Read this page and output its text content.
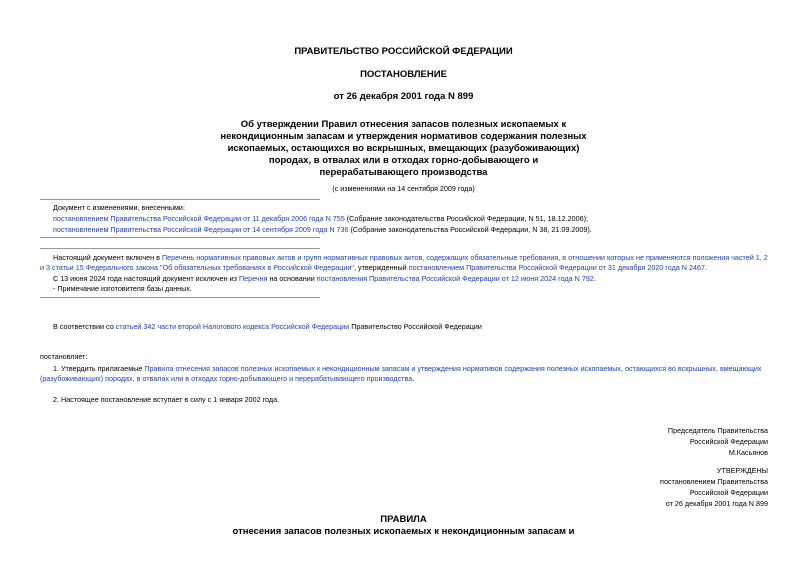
ПРАВИТЕЛЬСТВО РОССИЙСКОЙ ФЕДЕРАЦИИ
ПОСТАНОВЛЕНИЕ
от 26 декабря 2001 года N 899
Об утверждении Правил отнесения запасов полезных ископаемых к
некондиционным запасам и утверждения нормативов содержания полезных
ископаемых, остающихся во вскрышных, вмещающих (разубоживающих)
породах, в отвалах или в отходах горно-добывающего и
перерабатывающего производства
(с изменениями на 14 сентября 2009 года)
Документ с изменениями, внесенными:
постановлением Правительства Российской Федерации от 11 декабря 2006 года N 755 (Собрание законодательства Российской Федерации, N 51, 18.12.2006);
постановлением Правительства Российской Федерации от 14 сентября 2009 года N 736 (Собрание законодательства Российской Федерации, N 38, 21.09.2009).
Настоящий документ включен в Перечень нормативных правовых актов и групп нормативных правовых актов, содержащих обязательные требования, в отношении которых не применяются положения частей 1, 2
и 3 статьи 15 Федерального закона "Об обязательных требованиях в Российской Федерации", утвержденный постановлением Правительства Российской Федерации от 31 декабря 2020 года N 2467.
С 13 июня 2024 года настоящий документ исключен из Перечня на основании постановления Правительства Российской Федерации от 12 июня 2024 года N 792.
- Примечание изготовителя базы данных.
В соответствии со статьей 342 части второй Налогового кодекса Российской Федерации Правительство Российской Федерации
постановляет:
1. Утвердить прилагаемые Правила отнесения запасов полезных ископаемых к некондиционным запасам и утверждения нормативов содержания полезных ископаемых, остающихся во вскрышных, вмещающих
(разубоживающих) породах, в отвалах или в отходах горно-добывающего и перерабатывающего производства.
2. Настоящее постановление вступает в силу с 1 января 2002 года.
Председатель Правительства
Российской Федерации
М.Касьянов
УТВЕРЖДЕНЫ
постановлением Правительства
Российской Федерации
от 26 декабря 2001 года N 899
ПРАВИЛА
отнесения запасов полезных ископаемых к некондиционным запасам и
